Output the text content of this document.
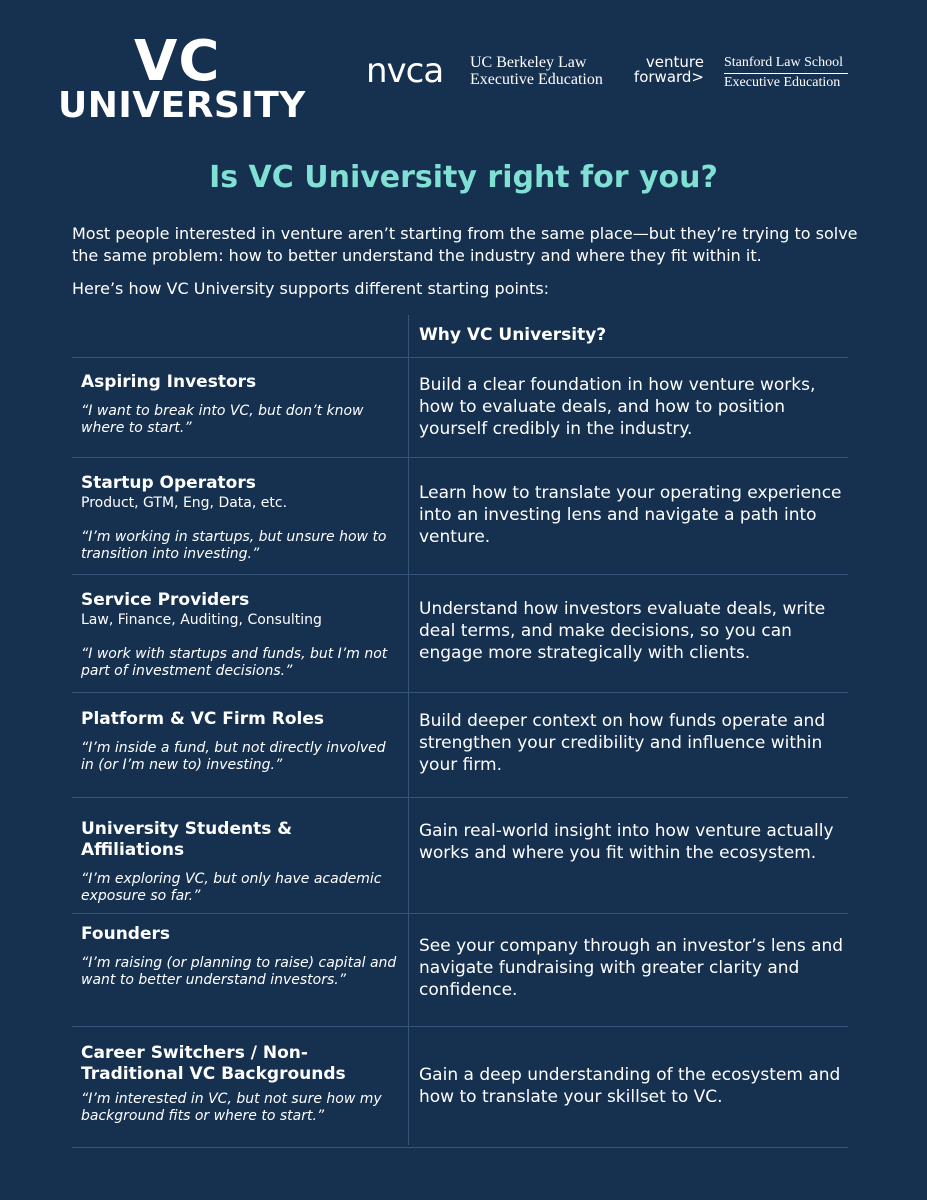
VC
UNIVERSITY
nvca UC Berkeley Law
Executive Education
venture
forward>
Stanford Law School
Executive Education
Is VC University right for you?

Most people interested in venture aren’t starting from the same place—but they’re trying to solve the same problem: how to better understand the industry and where they fit within it.

Here’s how VC University supports different starting points:

Why VC University?
Aspiring Investors
“I want to break into VC, but don’t know where to start.”
Build a clear foundation in how venture works, how to evaluate deals, and how to position yourself credibly in the industry.
Startup Operators
Product, GTM, Eng, Data, etc.
“I’m working in startups, but unsure how to transition into investing.”
Learn how to translate your operating experience into an investing lens and navigate a path into venture.
Service Providers
Law, Finance, Auditing, Consulting
“I work with startups and funds, but I’m not part of investment decisions.”
Understand how investors evaluate deals, write deal terms, and make decisions, so you can engage more strategically with clients.
Platform & VC Firm Roles
“I’m inside a fund, but not directly involved in (or I’m new to) investing.”
Build deeper context on how funds operate and strengthen your credibility and influence within your firm.
University Students & Affiliations
“I’m exploring VC, but only have academic exposure so far.”
Gain real-world insight into how venture actually works and where you fit within the ecosystem.
Founders
“I’m raising (or planning to raise) capital and want to better understand investors.”
See your company through an investor’s lens and navigate fundraising with greater clarity and confidence.
Career Switchers / Non-Traditional VC Backgrounds
“I’m interested in VC, but not sure how my background fits or where to start.”
Gain a deep understanding of the ecosystem and how to translate your skillset to VC.
